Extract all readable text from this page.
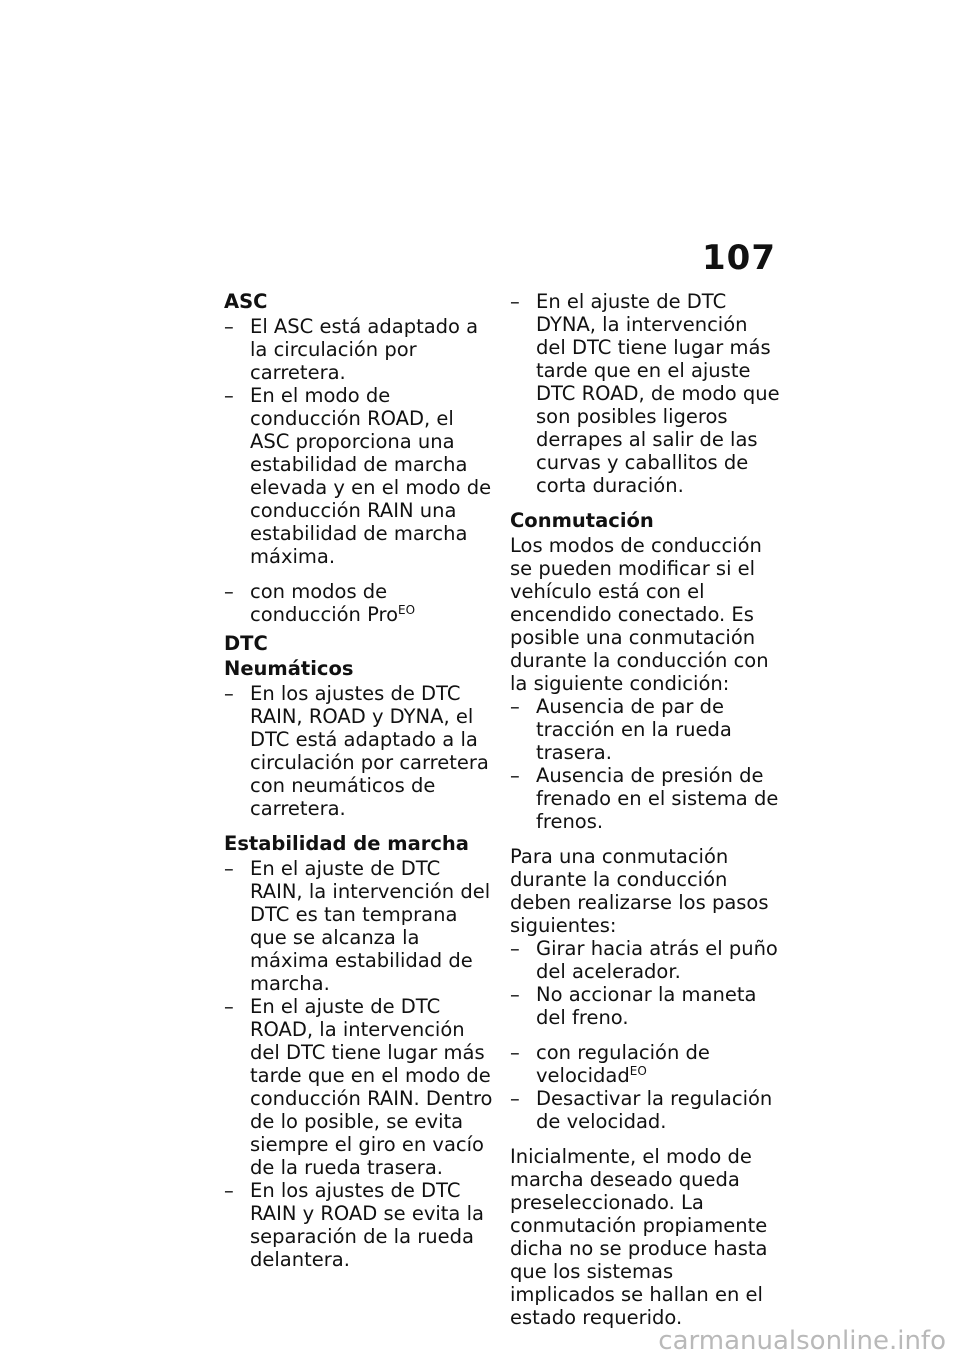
107
ASC
– El ASC está adaptado a la circulación por carretera.
– En el modo de conducción ROAD, el ASC proporciona una estabilidad de marcha elevada y en el modo de conducción RAIN una estabilidad de marcha máxima.
– con modos de conducción Pro$^{EO}$
DTC
Neumáticos
– En los ajustes de DTC RAIN, ROAD y DYNA, el DTC está adaptado a la circulación por carretera con neumáticos de carretera.
Estabilidad de marcha
– En el ajuste de DTC RAIN, la intervención del DTC es tan temprana que se alcanza la máxima estabilidad de marcha.
– En el ajuste de DTC ROAD, la intervención del DTC tiene lugar más tarde que en el modo de conducción RAIN. Dentro de lo posible, se evita siempre el giro en vacío de la rueda trasera.
– En los ajustes de DTC RAIN y ROAD se evita la separación de la rueda delantera.
– En el ajuste de DTC DYNA, la intervención del DTC tiene lugar más tarde que en el ajuste DTC ROAD, de modo que son posibles ligeros derrapes al salir de las curvas y caballitos de corta duración.
Conmutación
Los modos de conducción se pueden modificar si el vehículo está con el encendido conectado. Es posible una conmutación durante la conducción con la siguiente condición:
– Ausencia de par de tracción en la rueda trasera.
– Ausencia de presión de frenado en el sistema de frenos.
Para una conmutación durante la conducción deben realizarse los pasos siguientes:
– Girar hacia atrás el puño del acelerador.
– No accionar la maneta del freno.
– con regulación de velocidad$^{EO}$
– Desactivar la regulación de velocidad.
Inicialmente, el modo de marcha deseado queda preseleccionado. La conmutación propiamente dicha no se produce hasta que los sistemas implicados se hallan en el estado requerido.
carmanualsonline.info
